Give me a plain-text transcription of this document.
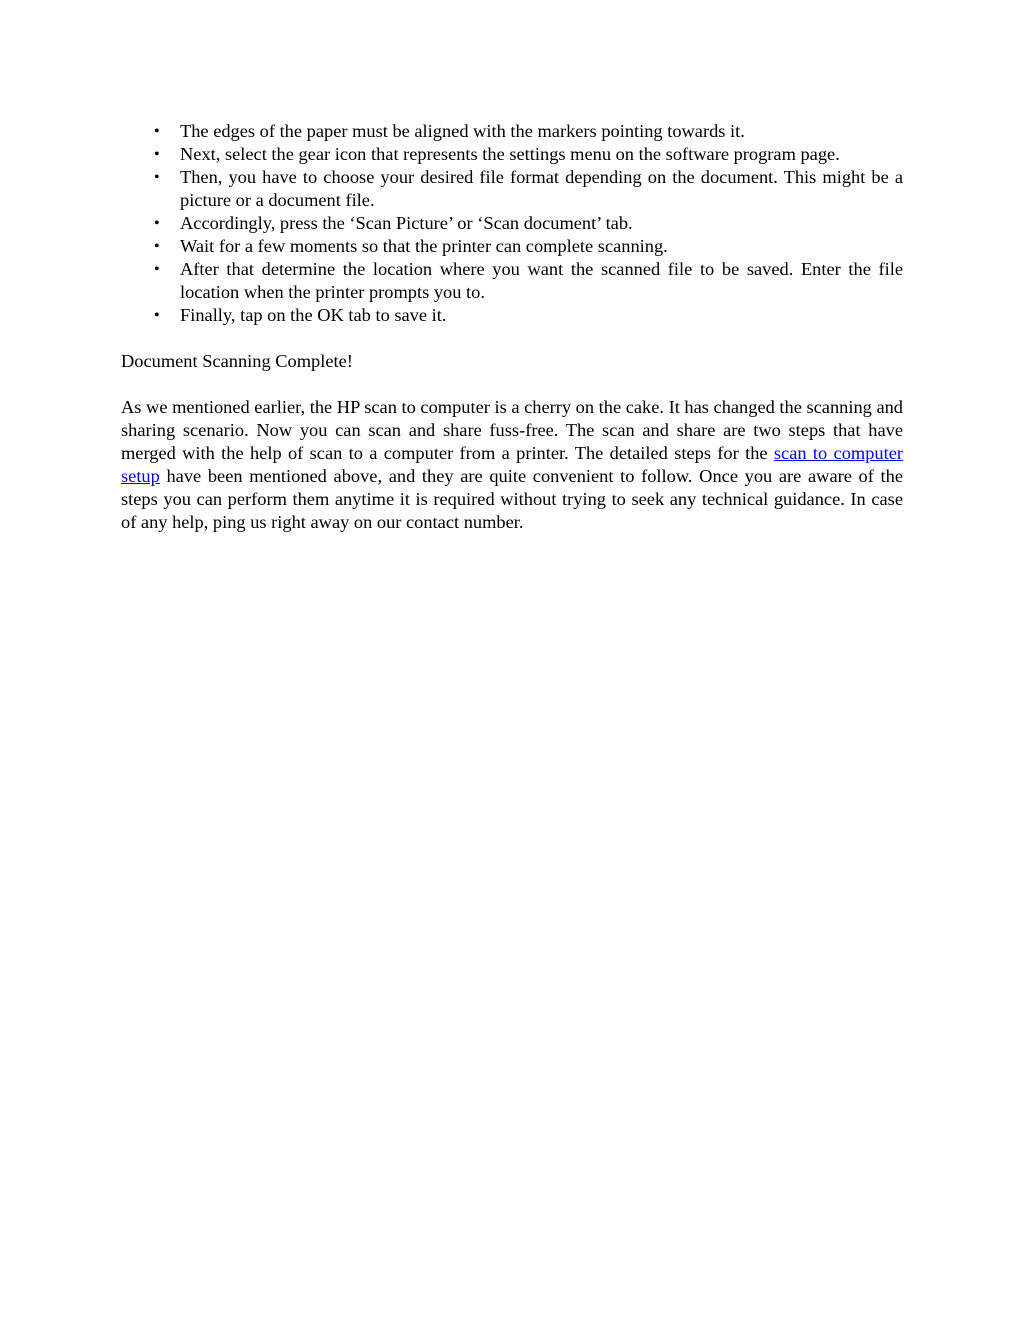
• The edges of the paper must be aligned with the markers pointing towards it.
• Next, select the gear icon that represents the settings menu on the software program page.
• Then, you have to choose your desired file format depending on the document. This might be a picture or a document file.
• Accordingly, press the ‘Scan Picture’ or ‘Scan document’ tab.
• Wait for a few moments so that the printer can complete scanning.
• After that determine the location where you want the scanned file to be saved. Enter the file location when the printer prompts you to.
• Finally, tap on the OK tab to save it.
Document Scanning Complete!

As we mentioned earlier, the HP scan to computer is a cherry on the cake. It has changed the scanning and sharing scenario. Now you can scan and share fuss-free. The scan and share are two steps that have merged with the help of scan to a computer from a printer. The detailed steps for the scan to computer setup have been mentioned above, and they are quite convenient to follow. Once you are aware of the steps you can perform them anytime it is required without trying to seek any technical guidance. In case of any help, ping us right away on our contact number.
